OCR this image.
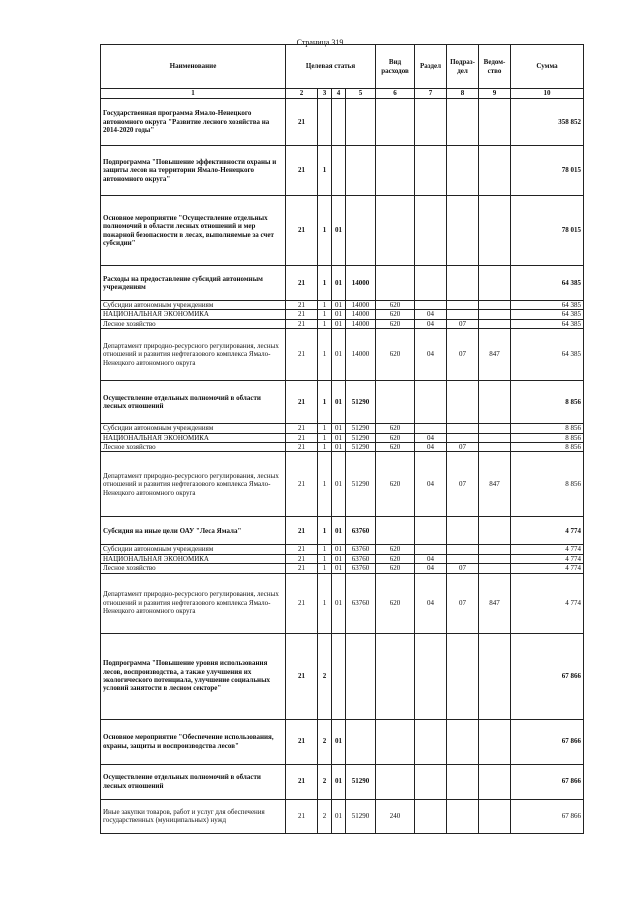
Страница 319
Наименование	Целевая статья				Вид расходов	Раздел	Подраз-дел	Ведом-ство	Сумма
1	2	3	4	5	6	7	8	9	10
Государственная программа Ямало-Ненецкого автономного округа "Развитие лесного хозяйства на 2014-2020 годы"	21								358 852
Подпрограмма "Повышение эффективности охраны и защиты лесов на территории Ямало-Ненецкого автономного округа"	21	1							78 015
Основное мероприятие "Осуществление отдельных полномочий в области лесных отношений и мер пожарной безопасности в лесах, выполняемые за счет субсидии"	21	1	01						78 015
Расходы на предоставление субсидий автономным учреждениям	21	1	01	14000					64 385
Субсидии автономным учреждениям	21	1	01	14000	620				64 385
НАЦИОНАЛЬНАЯ ЭКОНОМИКА	21	1	01	14000	620	04			64 385
Лесное хозяйство	21	1	01	14000	620	04	07		64 385
Департамент природно-ресурсного регулирования, лесных отношений и развития нефтегазового комплекса Ямало-Ненецкого автономного округа	21	1	01	14000	620	04	07	847	64 385
Осуществление отдельных полномочий в области лесных отношений	21	1	01	51290					8 856
Субсидии автономным учреждениям	21	1	01	51290	620				8 856
НАЦИОНАЛЬНАЯ ЭКОНОМИКА	21	1	01	51290	620	04			8 856
Лесное хозяйство	21	1	01	51290	620	04	07		8 856
Департамент природно-ресурсного регулирования, лесных отношений и развития нефтегазового комплекса Ямало-Ненецкого автономного округа	21	1	01	51290	620	04	07	847	8 856
Субсидия на иные цели ОАУ "Леса Ямала"	21	1	01	63760					4 774
Субсидии автономным учреждениям	21	1	01	63760	620				4 774
НАЦИОНАЛЬНАЯ ЭКОНОМИКА	21	1	01	63760	620	04			4 774
Лесное хозяйство	21	1	01	63760	620	04	07		4 774
Департамент природно-ресурсного регулирования, лесных отношений и развития нефтегазового комплекса Ямало-Ненецкого автономного округа	21	1	01	63760	620	04	07	847	4 774
Подпрограмма "Повышение уровня использования лесов, воспроизводства, а также улучшения их экологического потенциала, улучшение социальных условий занятости в лесном секторе"	21	2							67 866
Основное мероприятие "Обеспечение использования, охраны, защиты и воспроизводства лесов"	21	2	01						67 866
Осуществление отдельных полномочий в области лесных отношений	21	2	01	51290					67 866
Иные закупки товаров, работ и услуг для обеспечения государственных (муниципальных) нужд	21	2	01	51290	240				67 866
